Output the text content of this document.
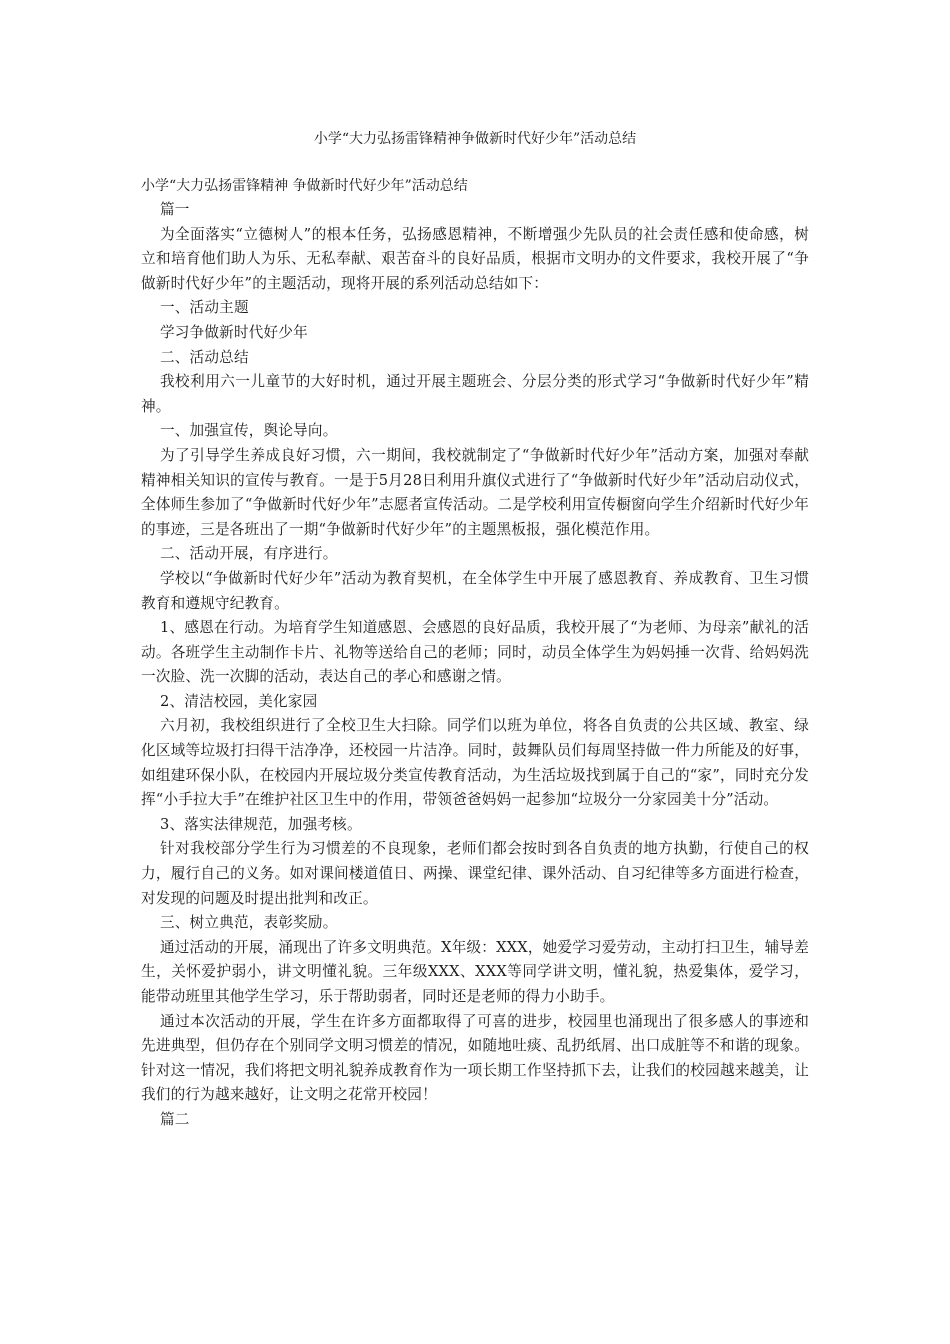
小学“大力弘扬雷锋精神争做新时代好少年”活动总结

小学“大力弘扬雷锋精神 争做新时代好少年”活动总结

篇一

为全面落实“立德树人”的根本任务，弘扬感恩精神，不断增强少先队员的社会责任感和使命感，树立和培育他们助人为乐、无私奉献、艰苦奋斗的良好品质，根据市文明办的文件要求，我校开展了“争做新时代好少年”的主题活动，现将开展的系列活动总结如下：

一、活动主题

学习争做新时代好少年

二、活动总结

我校利用六一儿童节的大好时机，通过开展主题班会、分层分类的形式学习“争做新时代好少年”精神。

一、加强宣传，舆论导向。

为了引导学生养成良好习惯，六一期间，我校就制定了“争做新时代好少年”活动方案，加强对奉献精神相关知识的宣传与教育。一是于5月28日利用升旗仪式进行了“争做新时代好少年”活动启动仪式，全体师生参加了“争做新时代好少年”志愿者宣传活动。二是学校利用宣传橱窗向学生介绍新时代好少年的事迹，三是各班出了一期“争做新时代好少年”的主题黑板报，强化模范作用。

二、活动开展，有序进行。

学校以“争做新时代好少年”活动为教育契机，在全体学生中开展了感恩教育、养成教育、卫生习惯教育和遵规守纪教育。

1、感恩在行动。为培育学生知道感恩、会感恩的良好品质，我校开展了“为老师、为母亲”献礼的活动。各班学生主动制作卡片、礼物等送给自己的老师；同时，动员全体学生为妈妈捶一次背、给妈妈洗一次脸、洗一次脚的活动，表达自己的孝心和感谢之情。

2、清洁校园，美化家园

六月初，我校组织进行了全校卫生大扫除。同学们以班为单位，将各自负责的公共区域、教室、绿化区域等垃圾打扫得干洁净净，还校园一片洁净。同时，鼓舞队员们每周坚持做一件力所能及的好事，如组建环保小队，在校园内开展垃圾分类宣传教育活动，为生活垃圾找到属于自己的“家”，同时充分发挥“小手拉大手”在维护社区卫生中的作用，带领爸爸妈妈一起参加“垃圾分一分家园美十分”活动。

3、落实法律规范，加强考核。

针对我校部分学生行为习惯差的不良现象，老师们都会按时到各自负责的地方执勤，行使自己的权力，履行自己的义务。如对课间楼道值日、两操、课堂纪律、课外活动、自习纪律等多方面进行检查，对发现的问题及时提出批判和改正。

三、树立典范，表彰奖励。

通过活动的开展，涌现出了许多文明典范。X年级：XXX，她爱学习爱劳动，主动打扫卫生，辅导差生，关怀爱护弱小，讲文明懂礼貌。三年级XXX、XXX等同学讲文明，懂礼貌，热爱集体，爱学习，能带动班里其他学生学习，乐于帮助弱者，同时还是老师的得力小助手。

通过本次活动的开展，学生在许多方面都取得了可喜的进步，校园里也涌现出了很多感人的事迹和先进典型，但仍存在个别同学文明习惯差的情况，如随地吐痰、乱扔纸屑、出口成脏等不和谐的现象。针对这一情况，我们将把文明礼貌养成教育作为一项长期工作坚持抓下去，让我们的校园越来越美，让我们的行为越来越好，让文明之花常开校园！

篇二
